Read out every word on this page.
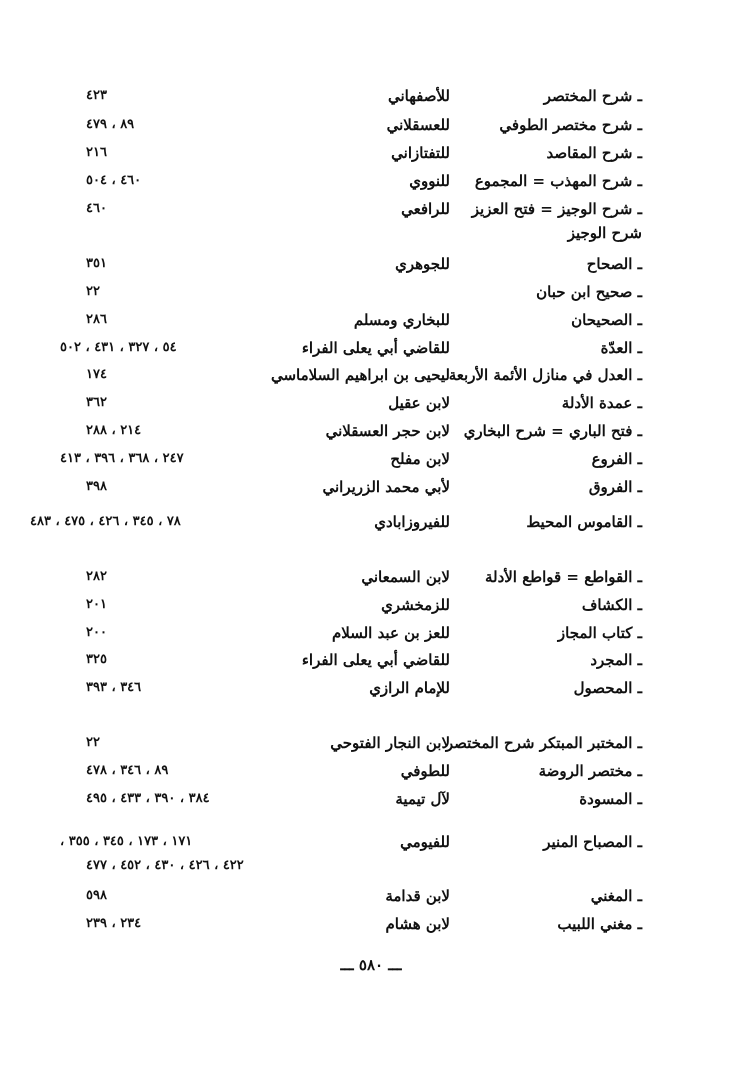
ـ شرح المختصر
للأصفهاني
٤٢٣
ـ شرح مختصر الطوفي
للعسقلاني
٨٩ ، ٤٧٩
ـ شرح المقاصد
للتفتازاني
٢١٦
ـ شرح المهذب = المجموع
للنووي
٤٦٠ ، ٥٠٤
ـ شرح الوجيز = فتح العزيز
للرافعي
٤٦٠
شرح الوجيز
ـ الصحاح
للجوهري
٣٥١
ـ صحيح ابن حبان
٢٢
ـ الصحيحان
للبخاري ومسلم
٢٨٦
ـ العدّة
للقاضي أبي يعلى الفراء
٥٤ ، ٣٢٧ ، ٤٣١ ، ٥٠٢
ـ العدل في منازل الأئمة الأربعة
ليحيى بن ابراهيم السلاماسي
١٧٤
ـ عمدة الأدلة
لابن عقيل
٣٦٢
ـ فتح الباري = شرح البخاري
لابن حجر العسقلاني
٢١٤ ، ٢٨٨
ـ الفروع
لابن مفلح
٢٤٧ ، ٣٦٨ ، ٣٩٦ ، ٤١٣
ـ الفروق
لأبي محمد الزريراني
٣٩٨
ـ القاموس المحيط
للفيروزابادي
٧٨ ، ٣٤٥ ، ٤٢٦ ، ٤٧٥ ، ٤٨٣
ـ القواطع = قواطع الأدلة
لابن السمعاني
٢٨٢
ـ الكشاف
للزمخشري
٢٠١
ـ كتاب المجاز
للعز بن عبد السلام
٢٠٠
ـ المجرد
للقاضي أبي يعلى الفراء
٣٢٥
ـ المحصول
للإمام الرازي
٣٤٦ ، ٣٩٣
ـ المختبر المبتكر شرح المختصر
لابن النجار الفتوحي
٢٢
ـ مختصر الروضة
للطوفي
٨٩ ، ٣٤٦ ، ٤٧٨
ـ المسودة
لآل تيمية
٣٨٤ ، ٣٩٠ ، ٤٣٣ ، ٤٩٥
ـ المصباح المنير
للفيومي
١٧١ ، ١٧٣ ، ٣٤٥ ، ٣٥٥ ،
٤٢٢ ، ٤٢٦ ، ٤٣٠ ، ٤٥٢ ، ٤٧٧
ـ المغني
لابن قدامة
٥٩٨
ـ مغني اللبيب
لابن هشام
٢٣٤ ، ٢٣٩
ـــ ٥٨٠ ـــ
